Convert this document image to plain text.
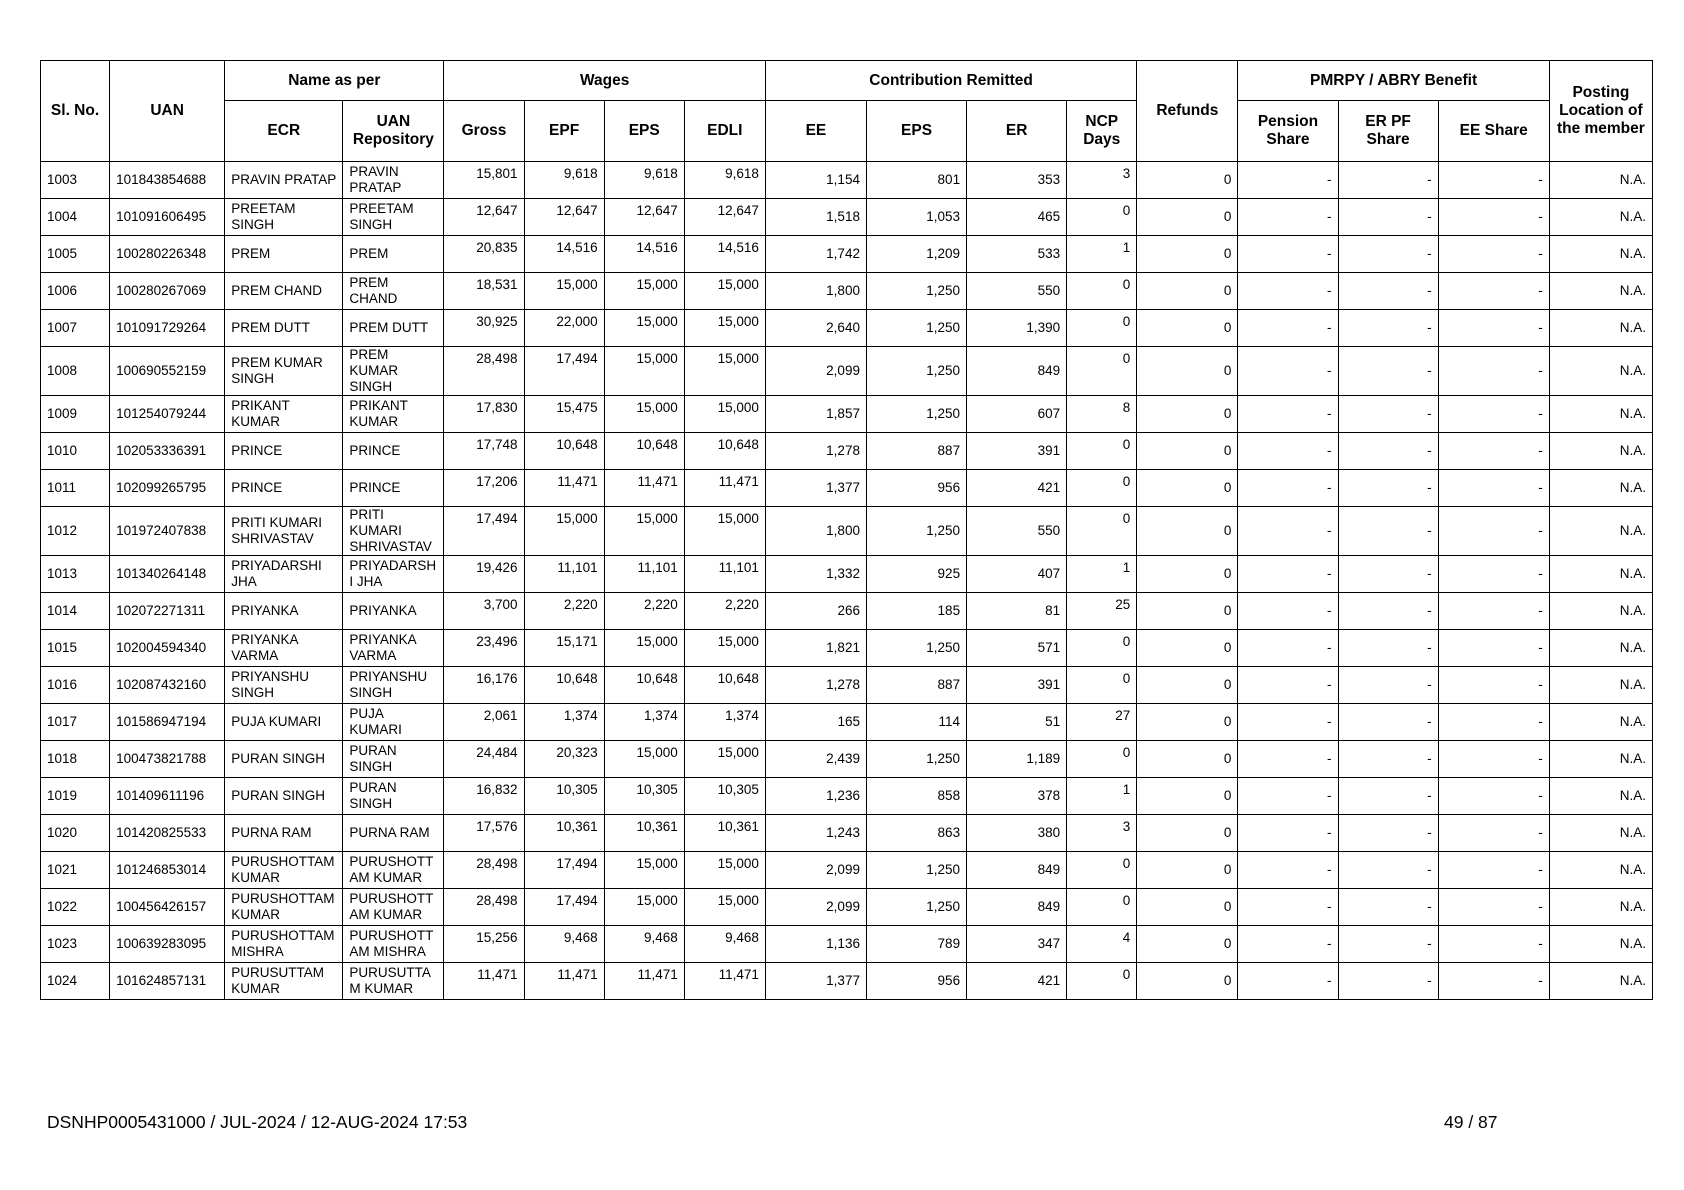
Sl. No.	UAN	Name as per		Wages				Contribution Remitted				Refunds	PMRPY / ABRY Benefit			Posting Location of the member
		ECR	UAN Repository	Gross	EPF	EPS	EDLI	EE	EPS	ER	NCP Days		Pension Share	ER PF Share	EE Share	
1003	101843854688	PRAVIN PRATAP	PRAVIN PRATAP	15,801	9,618	9,618	9,618	1,154	801	353	3	0	-	-	-	N.A.
1004	101091606495	PREETAM SINGH	PREETAM SINGH	12,647	12,647	12,647	12,647	1,518	1,053	465	0	0	-	-	-	N.A.
1005	100280226348	PREM	PREM	20,835	14,516	14,516	14,516	1,742	1,209	533	1	0	-	-	-	N.A.
1006	100280267069	PREM CHAND	PREM CHAND	18,531	15,000	15,000	15,000	1,800	1,250	550	0	0	-	-	-	N.A.
1007	101091729264	PREM DUTT	PREM DUTT	30,925	22,000	15,000	15,000	2,640	1,250	1,390	0	0	-	-	-	N.A.
1008	100690552159	PREM KUMAR SINGH	PREM KUMAR SINGH	28,498	17,494	15,000	15,000	2,099	1,250	849	0	0	-	-	-	N.A.
1009	101254079244	PRIKANT KUMAR	PRIKANT KUMAR	17,830	15,475	15,000	15,000	1,857	1,250	607	8	0	-	-	-	N.A.
1010	102053336391	PRINCE	PRINCE	17,748	10,648	10,648	10,648	1,278	887	391	0	0	-	-	-	N.A.
1011	102099265795	PRINCE	PRINCE	17,206	11,471	11,471	11,471	1,377	956	421	0	0	-	-	-	N.A.
1012	101972407838	PRITI KUMARI SHRIVASTAV	PRITI KUMARI SHRIVASTAV	17,494	15,000	15,000	15,000	1,800	1,250	550	0	0	-	-	-	N.A.
1013	101340264148	PRIYADARSHI JHA	PRIYADARSH I JHA	19,426	11,101	11,101	11,101	1,332	925	407	1	0	-	-	-	N.A.
1014	102072271311	PRIYANKA	PRIYANKA	3,700	2,220	2,220	2,220	266	185	81	25	0	-	-	-	N.A.
1015	102004594340	PRIYANKA VARMA	PRIYANKA VARMA	23,496	15,171	15,000	15,000	1,821	1,250	571	0	0	-	-	-	N.A.
1016	102087432160	PRIYANSHU SINGH	PRIYANSHU SINGH	16,176	10,648	10,648	10,648	1,278	887	391	0	0	-	-	-	N.A.
1017	101586947194	PUJA KUMARI	PUJA KUMARI	2,061	1,374	1,374	1,374	165	114	51	27	0	-	-	-	N.A.
1018	100473821788	PURAN SINGH	PURAN SINGH	24,484	20,323	15,000	15,000	2,439	1,250	1,189	0	0	-	-	-	N.A.
1019	101409611196	PURAN SINGH	PURAN SINGH	16,832	10,305	10,305	10,305	1,236	858	378	1	0	-	-	-	N.A.
1020	101420825533	PURNA RAM	PURNA RAM	17,576	10,361	10,361	10,361	1,243	863	380	3	0	-	-	-	N.A.
1021	101246853014	PURUSHOTTAM KUMAR	PURUSHOTT AM KUMAR	28,498	17,494	15,000	15,000	2,099	1,250	849	0	0	-	-	-	N.A.
1022	100456426157	PURUSHOTTAM KUMAR	PURUSHOTT AM KUMAR	28,498	17,494	15,000	15,000	2,099	1,250	849	0	0	-	-	-	N.A.
1023	100639283095	PURUSHOTTAM MISHRA	PURUSHOTT AM MISHRA	15,256	9,468	9,468	9,468	1,136	789	347	4	0	-	-	-	N.A.
1024	101624857131	PURUSUTTAM KUMAR	PURUSUTTA M KUMAR	11,471	11,471	11,471	11,471	1,377	956	421	0	0	-	-	-	N.A.
DSNHP0005431000 / JUL-2024 / 12-AUG-2024 17:53	49 / 87
